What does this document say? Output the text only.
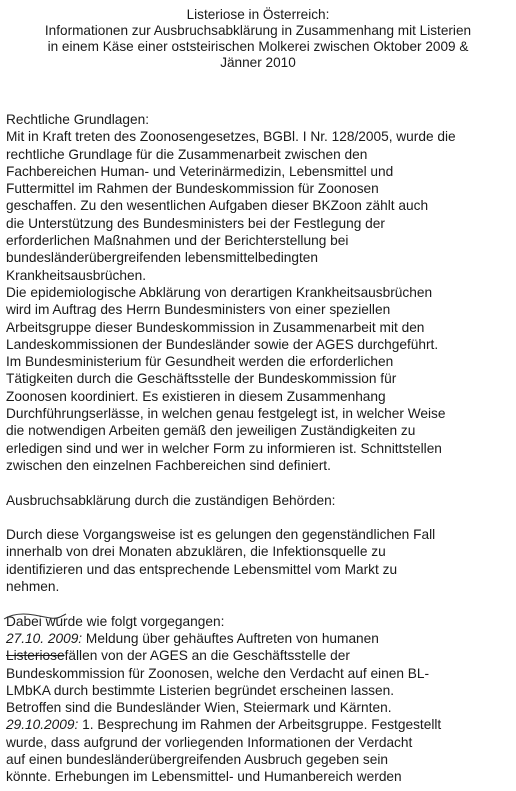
Listeriose in Österreich:
Informationen zur Ausbruchsabklärung in Zusammenhang mit Listerien
in einem Käse einer oststeirischen Molkerei zwischen Oktober 2009 &
Jänner 2010
Rechtliche Grundlagen:
Mit in Kraft treten des Zoonosengesetzes, BGBl. I Nr. 128/2005, wurde die
rechtliche Grundlage für die Zusammenarbeit zwischen den
Fachbereichen Human- und Veterinärmedizin, Lebensmittel und
Futtermittel im Rahmen der Bundeskommission für Zoonosen
geschaffen. Zu den wesentlichen Aufgaben dieser BKZoon zählt auch
die Unterstützung des Bundesministers bei der Festlegung der
erforderlichen Maßnahmen und der Berichterstellung bei
bundesländerübergreifenden lebensmittelbedingten
Krankheitsausbrüchen.
Die epidemiologische Abklärung von derartigen Krankheitsausbrüchen
wird im Auftrag des Herrn Bundesministers von einer speziellen
Arbeitsgruppe dieser Bundeskommission in Zusammenarbeit mit den
Landeskommissionen der Bundesländer sowie der AGES durchgeführt.
Im Bundesministerium für Gesundheit werden die erforderlichen
Tätigkeiten durch die Geschäftsstelle der Bundeskommission für
Zoonosen koordiniert. Es existieren in diesem Zusammenhang
Durchführungserlässe, in welchen genau festgelegt ist, in welcher Weise
die notwendigen Arbeiten gemäß den jeweiligen Zuständigkeiten zu
erledigen sind und wer in welcher Form zu informieren ist. Schnittstellen
zwischen den einzelnen Fachbereichen sind definiert.
Ausbruchsabklärung durch die zuständigen Behörden:
Durch diese Vorgangsweise ist es gelungen den gegenständlichen Fall
innerhalb von drei Monaten abzuklären, die Infektionsquelle zu
identifizieren und das entsprechende Lebensmittel vom Markt zu
nehmen.
Dabei wurde wie folgt vorgegangen:
27.10. 2009: Meldung über gehäuftes Auftreten von humanen
Listeriosefällen von der AGES an die Geschäftsstelle der
Bundeskommission für Zoonosen, welche den Verdacht auf einen BL-
LMbKA durch bestimmte Listerien begründet erscheinen lassen.
Betroffen sind die Bundesländer Wien, Steiermark und Kärnten.
29.10.2009: 1. Besprechung im Rahmen der Arbeitsgruppe. Festgestellt
wurde, dass aufgrund der vorliegenden Informationen der Verdacht
auf einen bundesländerübergreifenden Ausbruch gegeben sein
könnte. Erhebungen im Lebensmittel- und Humanbereich werden
